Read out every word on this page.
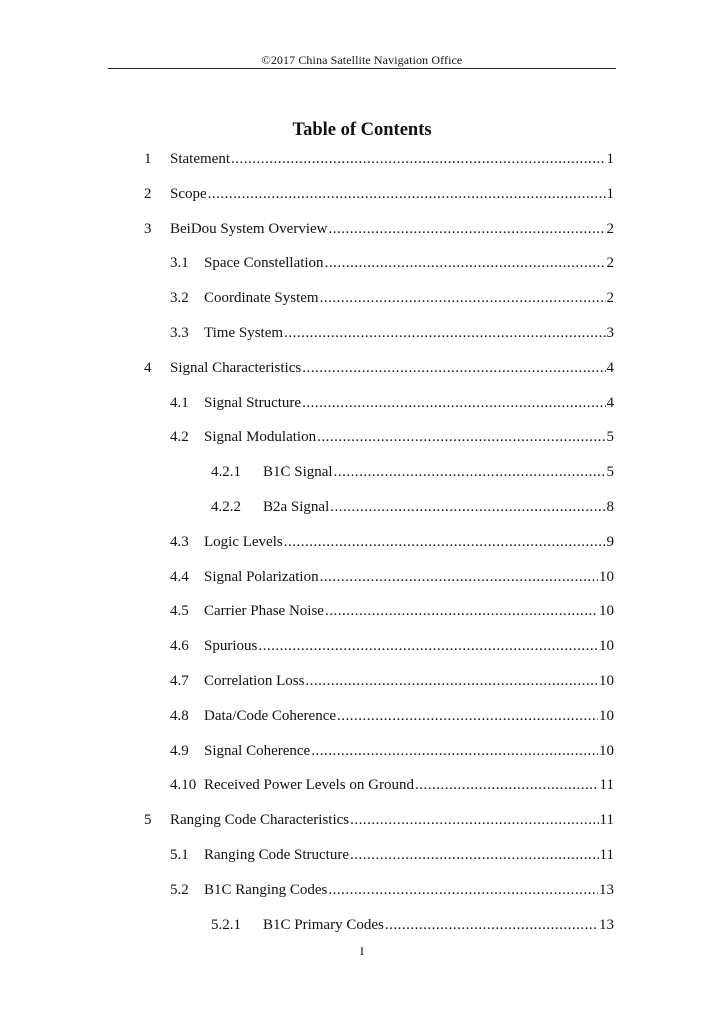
©2017 China Satellite Navigation Office
Table of Contents
1	Statement .....	1
2	Scope .....	1
3	BeiDou System Overview .....	2
3.1	Space Constellation .....	2
3.2	Coordinate System .....	2
3.3	Time System .....	3
4	Signal Characteristics .....	4
4.1	Signal Structure .....	4
4.2	Signal Modulation .....	5
4.2.1	B1C Signal .....	5
4.2.2	B2a Signal .....	8
4.3	Logic Levels .....	9
4.4	Signal Polarization .....	10
4.5	Carrier Phase Noise .....	10
4.6	Spurious .....	10
4.7	Correlation Loss .....	10
4.8	Data/Code Coherence .....	10
4.9	Signal Coherence .....	10
4.10 Received Power Levels on Ground .....	11
5	Ranging Code Characteristics .....	11
5.1	Ranging Code Structure .....	11
5.2	B1C Ranging Codes .....	13
5.2.1	B1C Primary Codes .....	13
I
